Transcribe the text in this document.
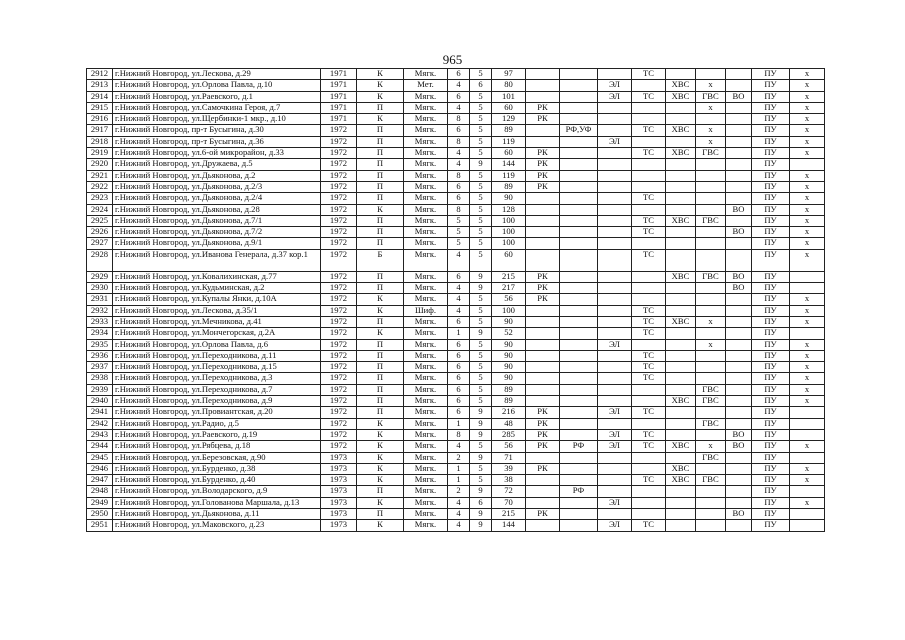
965
2912	г.Нижний Новгород, ул.Лескова, д.29	1971	К	Мягк.	6	5	97				ТС				ПУ	х
2913	г.Нижний Новгород, ул.Орлова Павла, д.10	1971	К	Мет.	4	6	80			ЭЛ		ХВС	х		ПУ	х
2914	г.Нижний Новгород, ул.Раевского, д.1	1971	К	Мягк.	6	5	101			ЭЛ	ТС	ХВС	ГВС	ВО	ПУ	х
2915	г.Нижний Новгород, ул.Самочкина Героя, д.7	1971	П	Мягк.	4	5	60	РК					х		ПУ	х
2916	г.Нижний Новгород, ул.Щербинки-1 мкр., д.10	1971	К	Мягк.	8	5	129	РК							ПУ	х
2917	г.Нижний Новгород, пр-т Бусыгина, д.30	1972	П	Мягк.	6	5	89		РФ,УФ		ТС	ХВС	х		ПУ	х
2918	г.Нижний Новгород, пр-т Бусыгина, д.36	1972	П	Мягк.	8	5	119			ЭЛ			х		ПУ	х
2919	г.Нижний Новгород, ул.6-ой микрорайон, д.33	1972	П	Мягк.	4	5	60	РК			ТС	ХВС	ГВС		ПУ	х
2920	г.Нижний Новгород, ул.Дружаева, д.5	1972	П	Мягк.	4	9	144	РК							ПУ	
2921	г.Нижний Новгород, ул.Дьяконова, д.2	1972	П	Мягк.	8	5	119	РК							ПУ	х
2922	г.Нижний Новгород, ул.Дьяконова, д.2/3	1972	П	Мягк.	6	5	89	РК							ПУ	х
2923	г.Нижний Новгород, ул.Дьяконова, д.2/4	1972	П	Мягк.	6	5	90				ТС				ПУ	х
2924	г.Нижний Новгород, ул.Дьяконова, д.28	1972	К	Мягк.	8	5	128							ВО	ПУ	х
2925	г.Нижний Новгород, ул.Дьяконова, д.7/1	1972	П	Мягк.	5	5	100				ТС	ХВС	ГВС		ПУ	х
2926	г.Нижний Новгород, ул.Дьяконова, д.7/2	1972	П	Мягк.	5	5	100				ТС			ВО	ПУ	х
2927	г.Нижний Новгород, ул.Дьяконова, д.9/1	1972	П	Мягк.	5	5	100								ПУ	х
2928	г.Нижний Новгород, ул.Иванова Генерала, д.37 кор.1	1972	Б	Мягк.	4	5	60				ТС				ПУ	х
2929	г.Нижний Новгород, ул.Ковалихинская, д.77	1972	П	Мягк.	6	9	215	РК				ХВС	ГВС	ВО	ПУ	
2930	г.Нижний Новгород, ул.Кудьминская, д.2	1972	П	Мягк.	4	9	217	РК						ВО	ПУ	
2931	г.Нижний Новгород, ул.Купалы Янки, д.10А	1972	К	Мягк.	4	5	56	РК							ПУ	х
2932	г.Нижний Новгород, ул.Лескова, д.35/1	1972	К	Шиф.	4	5	100				ТС				ПУ	х
2933	г.Нижний Новгород, ул.Мечникова, д.41	1972	П	Мягк.	6	5	90				ТС	ХВС	х		ПУ	х
2934	г.Нижний Новгород, ул.Мончегорская, д.2А	1972	К	Мягк.	1	9	52				ТС				ПУ	
2935	г.Нижний Новгород, ул.Орлова Павла, д.6	1972	П	Мягк.	6	5	90			ЭЛ			х		ПУ	х
2936	г.Нижний Новгород, ул.Переходникова, д.11	1972	П	Мягк.	6	5	90				ТС				ПУ	х
2937	г.Нижний Новгород, ул.Переходникова, д.15	1972	П	Мягк.	6	5	90				ТС				ПУ	х
2938	г.Нижний Новгород, ул.Переходникова, д.3	1972	П	Мягк.	6	5	90				ТС				ПУ	х
2939	г.Нижний Новгород, ул.Переходникова, д.7	1972	П	Мягк.	6	5	89						ГВС		ПУ	х
2940	г.Нижний Новгород, ул.Переходникова, д.9	1972	П	Мягк.	6	5	89					ХВС	ГВС		ПУ	х
2941	г.Нижний Новгород, ул.Провиантская, д.20	1972	П	Мягк.	6	9	216	РК		ЭЛ	ТС				ПУ	
2942	г.Нижний Новгород, ул.Радио, д.5	1972	К	Мягк.	1	9	48	РК					ГВС		ПУ	
2943	г.Нижний Новгород, ул.Раевского, д.19	1972	К	Мягк.	8	9	285	РК		ЭЛ	ТС			ВО	ПУ	
2944	г.Нижний Новгород, ул.Рябцева, д.18	1972	К	Мягк.	4	5	56	РК	РФ	ЭЛ	ТС	ХВС	х	ВО	ПУ	х
2945	г.Нижний Новгород, ул.Березовская, д.90	1973	К	Мягк.	2	9	71						ГВС		ПУ	
2946	г.Нижний Новгород, ул.Бурденко, д.38	1973	К	Мягк.	1	5	39	РК				ХВС			ПУ	х
2947	г.Нижний Новгород, ул.Бурденко, д.40	1973	К	Мягк.	1	5	38				ТС	ХВС	ГВС		ПУ	х
2948	г.Нижний Новгород, ул.Володарского, д.9	1973	П	Мягк.	2	9	72		РФ						ПУ	
2949	г.Нижний Новгород, ул.Голованова Маршала, д.13	1973	К	Мягк.	4	6	70			ЭЛ					ПУ	х
2950	г.Нижний Новгород, ул.Дьяконова, д.11	1973	П	Мягк.	4	9	215	РК						ВО	ПУ	
2951	г.Нижний Новгород, ул.Маковского, д.23	1973	К	Мягк.	4	9	144			ЭЛ	ТС				ПУ	
